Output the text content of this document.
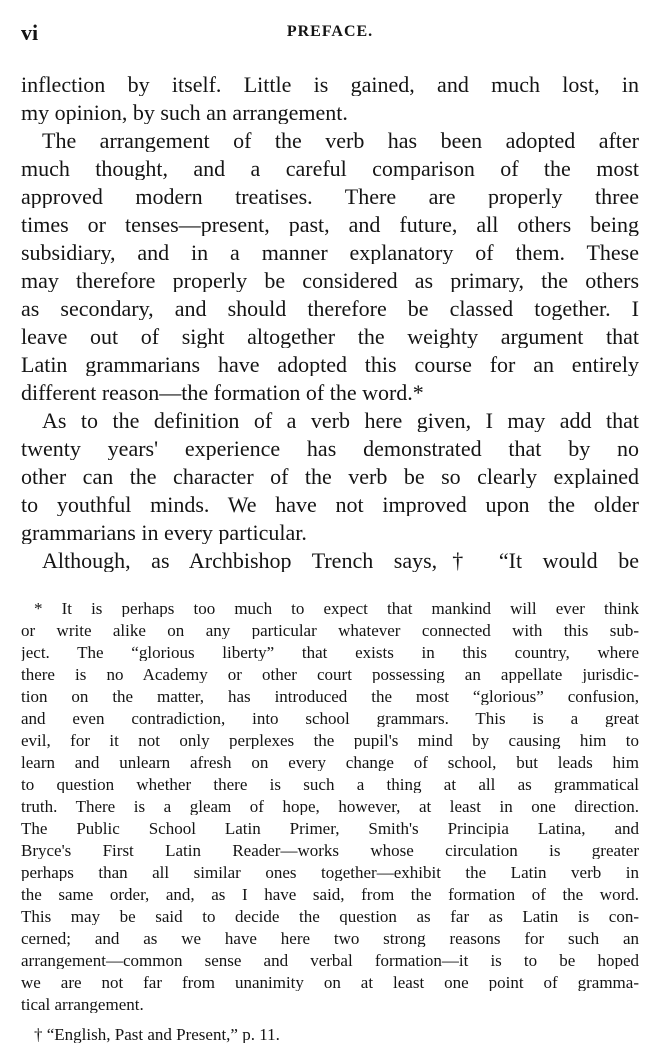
vi	PREFACE.
inflection by itself. Little is gained, and much lost, in
my opinion, by such an arrangement.
The arrangement of the verb has been adopted after
much thought, and a careful comparison of the most
approved modern treatises. There are properly three
times or tenses—present, past, and future, all others being
subsidiary, and in a manner explanatory of them. These
may therefore properly be considered as primary, the others
as secondary, and should therefore be classed together. I
leave out of sight altogether the weighty argument that
Latin grammarians have adopted this course for an entirely
different reason—the formation of the word.*
As to the definition of a verb here given, I may add that
twenty years' experience has demonstrated that by no
other can the character of the verb be so clearly explained
to youthful minds. We have not improved upon the older
grammarians in every particular.
Although, as Archbishop Trench says,† “It would be
* It is perhaps too much to expect that mankind will ever think
or write alike on any particular whatever connected with this sub-
ject. The “glorious liberty” that exists in this country, where
there is no Academy or other court possessing an appellate jurisdic-
tion on the matter, has introduced the most “glorious” confusion,
and even contradiction, into school grammars. This is a great
evil, for it not only perplexes the pupil's mind by causing him to
learn and unlearn afresh on every change of school, but leads him
to question whether there is such a thing at all as grammatical
truth. There is a gleam of hope, however, at least in one direction.
The Public School Latin Primer, Smith's Principia Latina, and
Bryce's First Latin Reader—works whose circulation is greater
perhaps than all similar ones together—exhibit the Latin verb in
the same order, and, as I have said, from the formation of the word.
This may be said to decide the question as far as Latin is con-
cerned; and as we have here two strong reasons for such an
arrangement—common sense and verbal formation—it is to be hoped
we are not far from unanimity on at least one point of gramma-
tical arrangement.
† “English, Past and Present,” p. 11.
